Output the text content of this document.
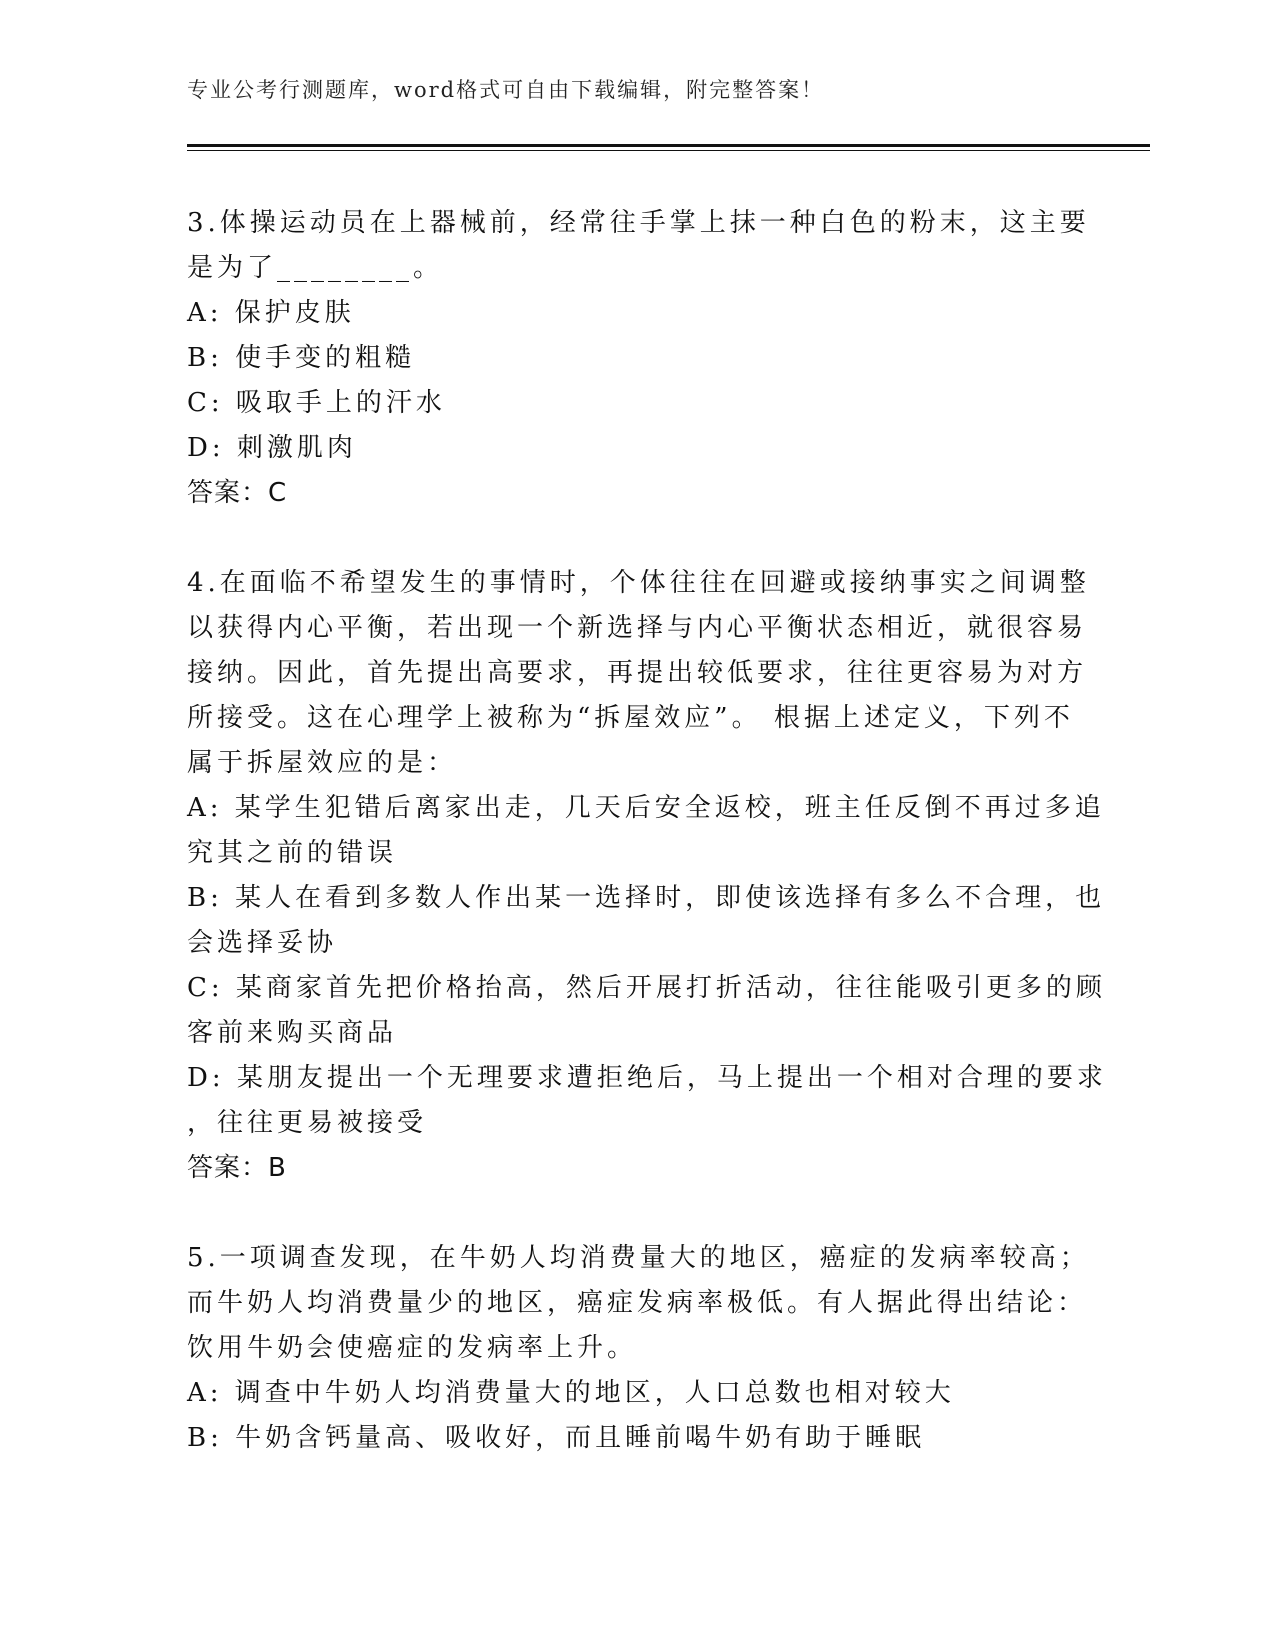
专业公考行测题库，word格式可自由下载编辑，附完整答案！
3.体操运动员在上器械前，经常往手掌上抹一种白色的粉末，这主要
是为了________。
A: 保护皮肤
B: 使手变的粗糙
C: 吸取手上的汗水
D: 刺激肌肉
答案：C
4.在面临不希望发生的事情时，个体往往在回避或接纳事实之间调整
以获得内心平衡，若出现一个新选择与内心平衡状态相近，就很容易
接纳。因此，首先提出高要求，再提出较低要求，往往更容易为对方
所接受。这在心理学上被称为“拆屋效应”。 根据上述定义，下列不
属于拆屋效应的是：
A: 某学生犯错后离家出走，几天后安全返校，班主任反倒不再过多追
究其之前的错误
B: 某人在看到多数人作出某一选择时，即使该选择有多么不合理，也
会选择妥协
C: 某商家首先把价格抬高，然后开展打折活动，往往能吸引更多的顾
客前来购买商品
D: 某朋友提出一个无理要求遭拒绝后，马上提出一个相对合理的要求
，往往更易被接受
答案：B
5.一项调查发现，在牛奶人均消费量大的地区，癌症的发病率较高；
而牛奶人均消费量少的地区，癌症发病率极低。有人据此得出结论：
饮用牛奶会使癌症的发病率上升。
A: 调查中牛奶人均消费量大的地区，人口总数也相对较大
B: 牛奶含钙量高、吸收好，而且睡前喝牛奶有助于睡眠
